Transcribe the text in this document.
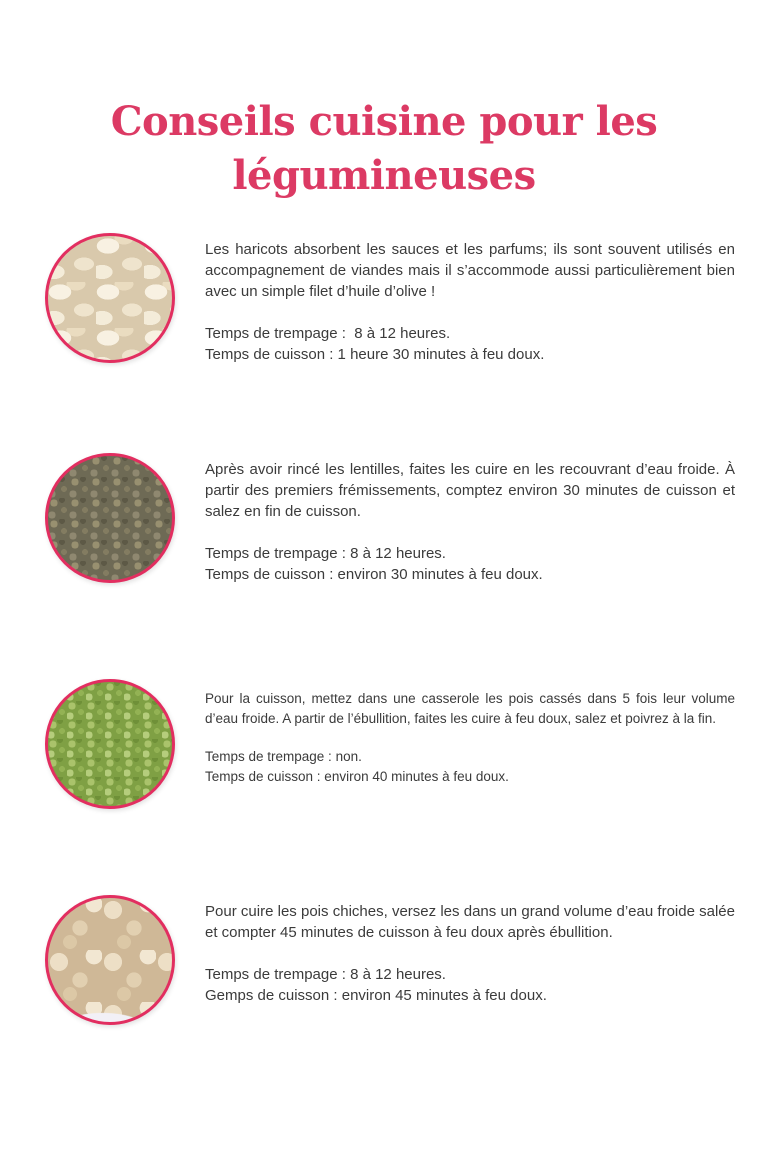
Conseils cuisine pour les
légumineuses

Les haricots absorbent les sauces et les parfums; ils sont souvent utilisés en accompagnement de viandes mais il s’accommode aussi particulièrement bien avec un simple filet d’huile d’olive !

Temps de trempage :  8 à 12 heures.

Temps de cuisson : 1 heure 30 minutes à feu doux.

Après avoir rincé les lentilles, faites les cuire en les recouvrant d’eau froide. À partir des premiers frémissements, comptez environ 30 minutes de cuisson et salez en fin de cuisson.

Temps de trempage : 8 à 12 heures.

Temps de cuisson : environ 30 minutes à feu doux.

Pour la cuisson, mettez dans une casserole les pois cassés dans 5 fois leur volume d’eau froide. A partir de l’ébullition, faites les cuire à feu doux, salez et poivrez à la fin.

Temps de trempage : non.

Temps de cuisson : environ 40 minutes à feu doux.

Pour cuire les pois chiches, versez les dans un grand volume d’eau froide salée et compter 45 minutes de cuisson à feu doux après ébullition.

Temps de trempage : 8 à 12 heures.

Gemps de cuisson : environ 45 minutes à feu doux.
